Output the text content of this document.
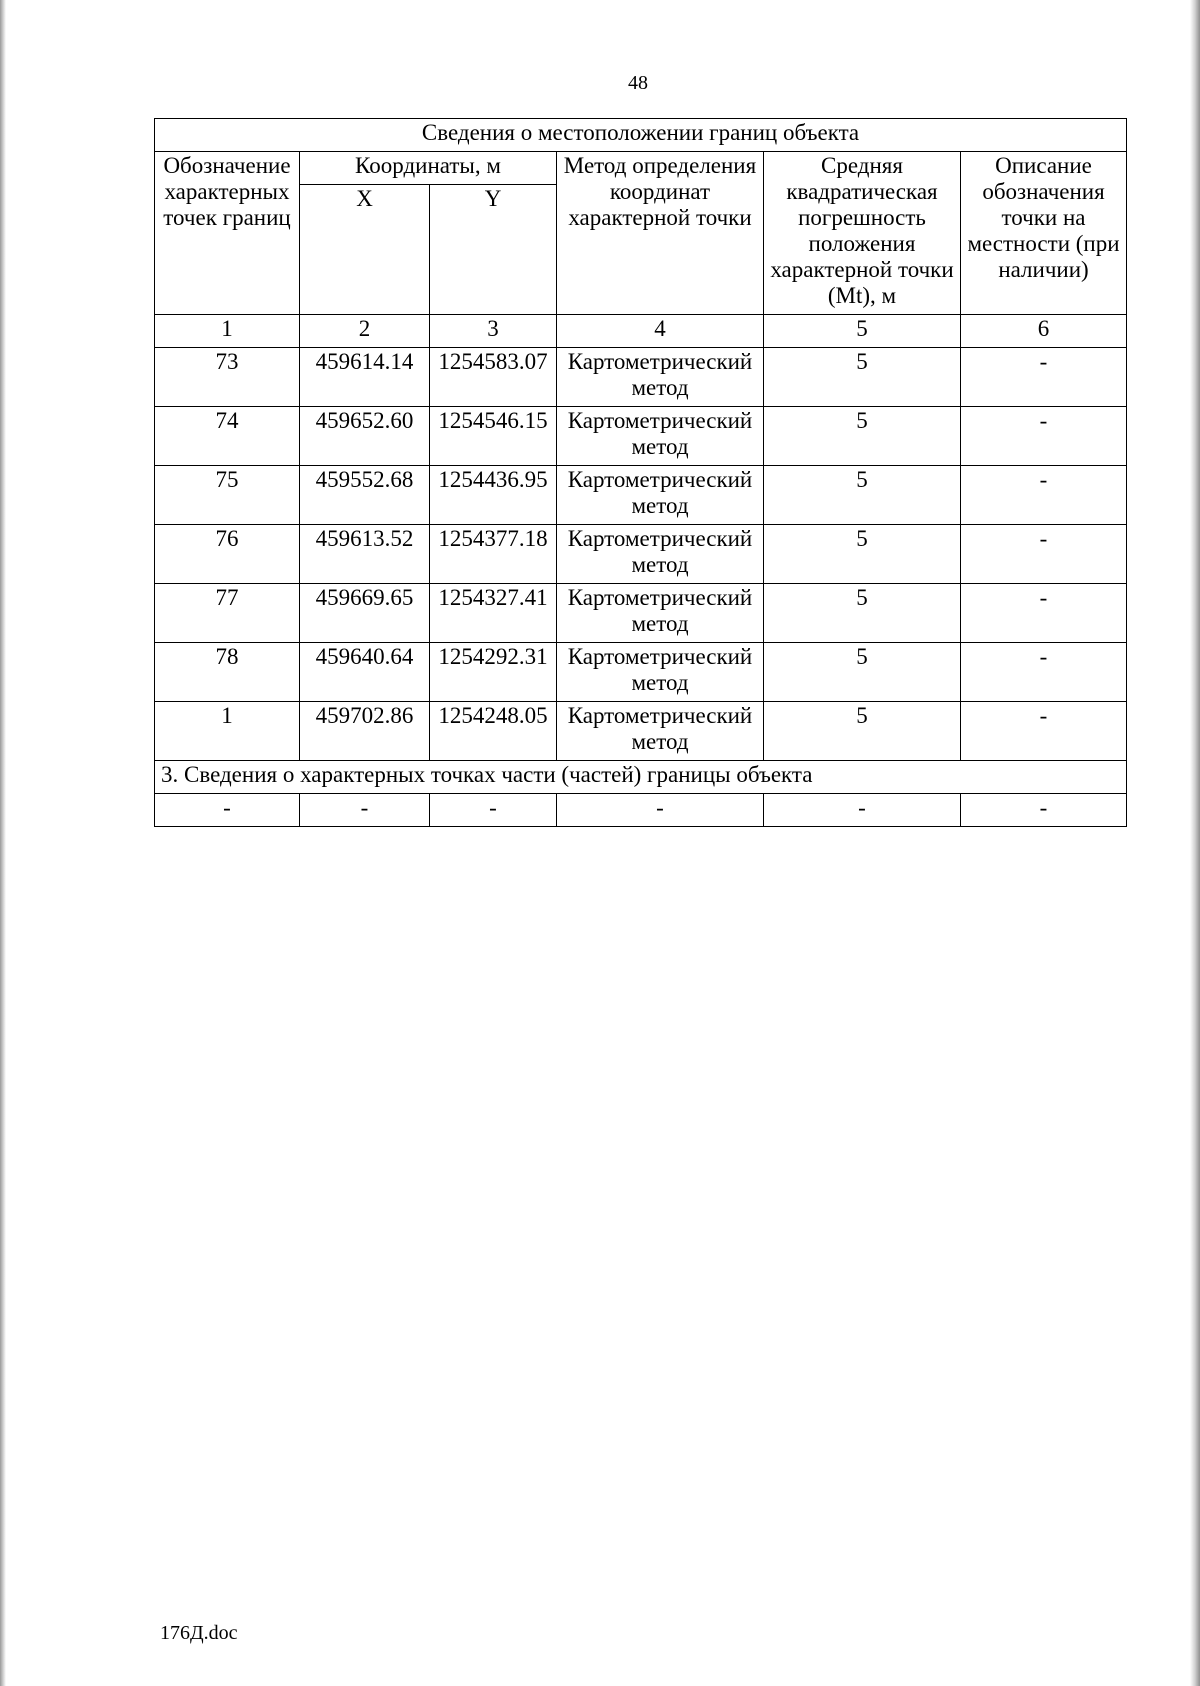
48
Сведения о местоположении границ объекта					
Обозначение характерных точек границ	Координаты, м		Метод определения координат характерной точки	Средняя квадратическая погрешность положения характерной точки (Mt), м	Описание обозначения точки на местности (при наличии)
	X	Y			
1	2	3	4	5	6
73	459614.14	1254583.07	Картометрический метод	5	-
74	459652.60	1254546.15	Картометрический метод	5	-
75	459552.68	1254436.95	Картометрический метод	5	-
76	459613.52	1254377.18	Картометрический метод	5	-
77	459669.65	1254327.41	Картометрический метод	5	-
78	459640.64	1254292.31	Картометрический метод	5	-
1	459702.86	1254248.05	Картометрический метод	5	-
3. Сведения о характерных точках части (частей) границы объекта					
-	-	-	-	-	-
176Д.doc
